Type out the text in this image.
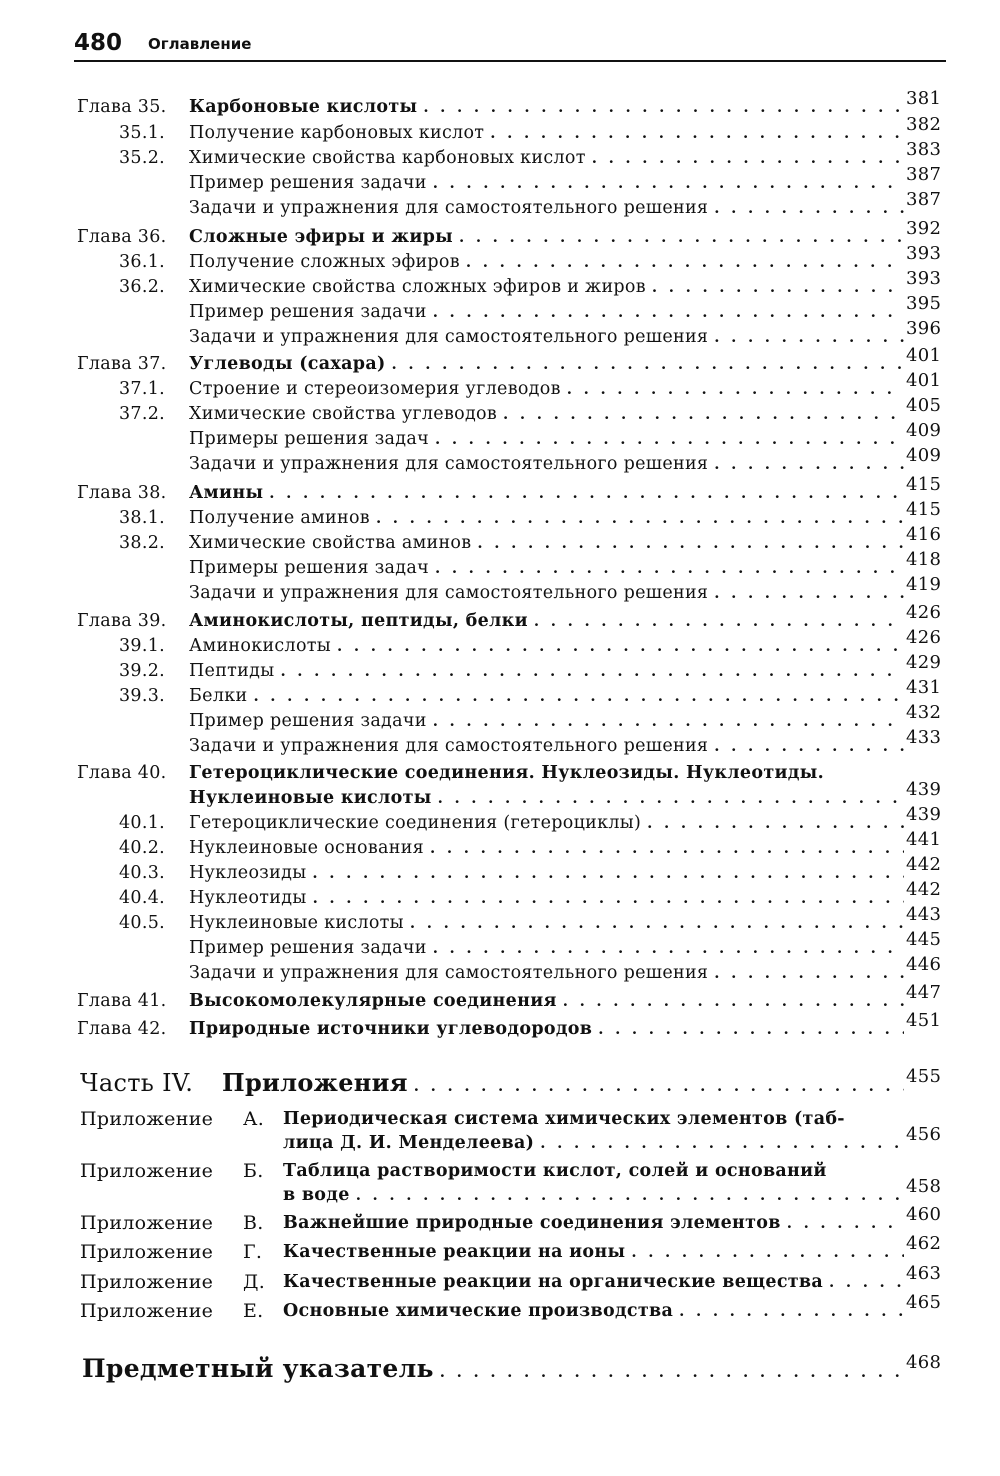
480 Оглавление
Глава 35. Карбоновые кислоты . . .	381
35.1. Получение карбоновых кислот . . .	382
35.2. Химические свойства карбоновых кислот . . .	383
Пример решения задачи . . .	387
Задачи и упражнения для самостоятельного решения . . .	387
Глава 36. Сложные эфиры и жиры . . .	392
36.1. Получение сложных эфиров . . .	393
36.2. Химические свойства сложных эфиров и жиров . . .	393
Пример решения задачи . . .	395
Задачи и упражнения для самостоятельного решения . . .	396
Глава 37. Углеводы (сахара) . . .	401
37.1. Строение и стереоизомерия углеводов . . .	401
37.2. Химические свойства углеводов . . .	405
Примеры решения задач . . .	409
Задачи и упражнения для самостоятельного решения . . .	409
Глава 38. Амины . . .	415
38.1. Получение аминов . . .	415
38.2. Химические свойства аминов . . .	416
Примеры решения задач . . .	418
Задачи и упражнения для самостоятельного решения . . .	419
Глава 39. Аминокислоты, пептиды, белки . . .	426
39.1. Аминокислоты . . .	426
39.2. Пептиды . . .	429
39.3. Белки . . .	431
Пример решения задачи . . .	432
Задачи и упражнения для самостоятельного решения . . .	433
Глава 40. Гетероциклические соединения. Нуклеозиды. Нуклеотиды.
Нуклеиновые кислоты . . .	439
40.1. Гетероциклические соединения (гетероциклы) . . .	439
40.2. Нуклеиновые основания . . .	441
40.3. Нуклеозиды . . .	442
40.4. Нуклеотиды . . .	442
40.5. Нуклеиновые кислоты . . .	443
Пример решения задачи . . .	445
Задачи и упражнения для самостоятельного решения . . .	446
Глава 41. Высокомолекулярные соединения . . .	447
Глава 42. Природные источники углеводородов . . .	451
Часть IV. Приложения . . .	455
Приложение А. Периодическая система химических элементов (таб-
лица Д. И. Менделеева) . . .	456
Приложение Б. Таблица растворимости кислот, солей и оснований
в воде . . .	458
Приложение В. Важнейшие природные соединения элементов . . .	460
Приложение Г. Качественные реакции на ионы . . .	462
Приложение Д. Качественные реакции на органические вещества . . .	463
Приложение Е. Основные химические производства . . .	465
Предметный указатель . . .	468
